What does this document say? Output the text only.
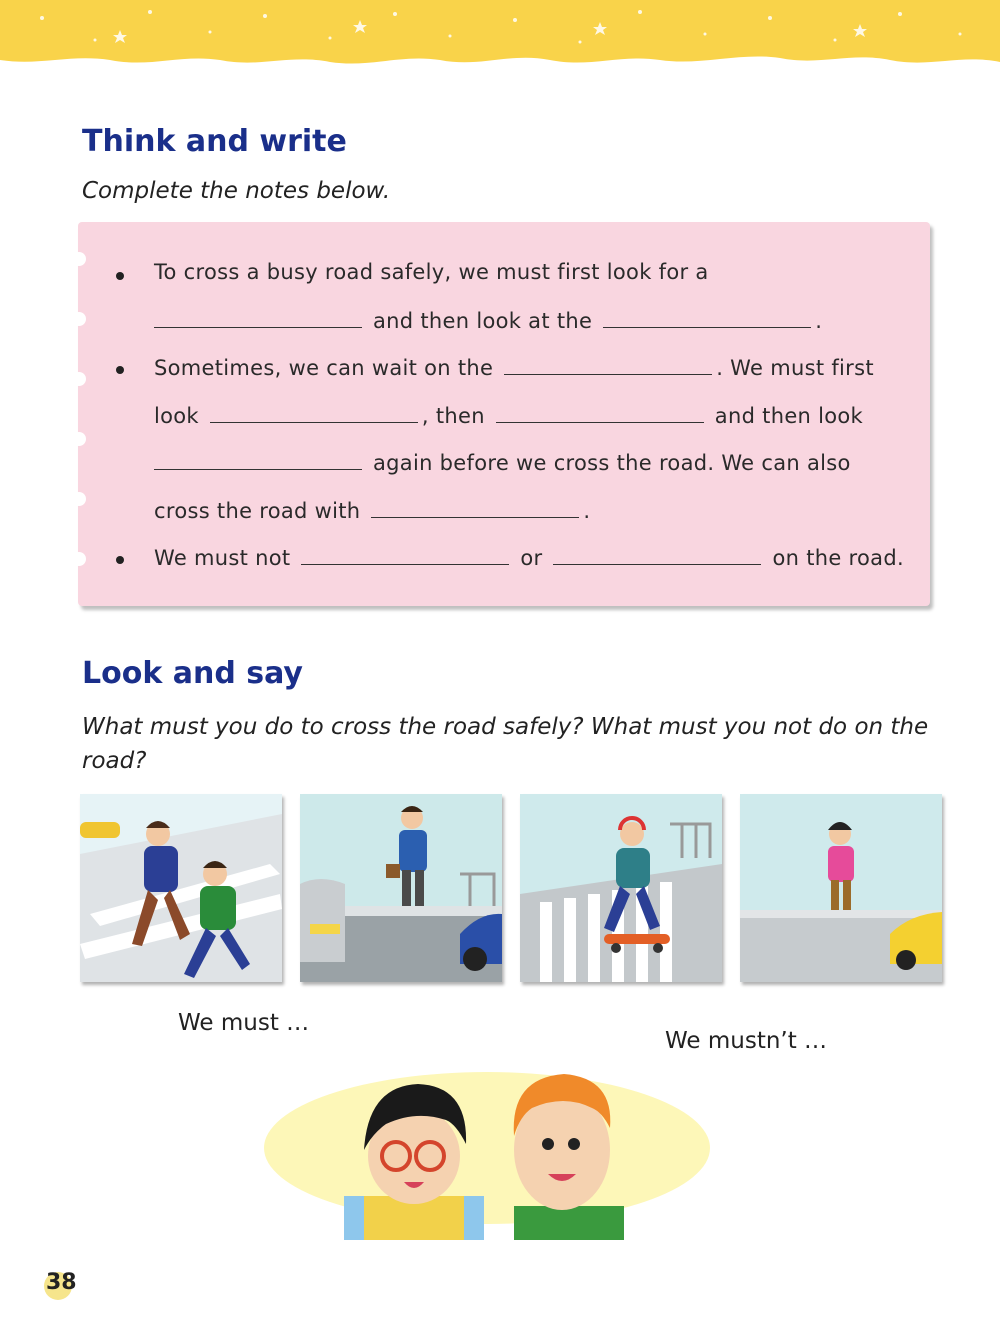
Think and write

Complete the notes below.

To cross a busy road safely, we must first look for a
and then look at the	.
Sometimes, we can wait on the	. We must first
look	, then	and then look
again before we cross the road. We can also
cross the road with	.
We must not	or	on the road.
Look and say

What must you do to cross the road safely? What must you not do on the road?

We must …
We mustn’t …
38
